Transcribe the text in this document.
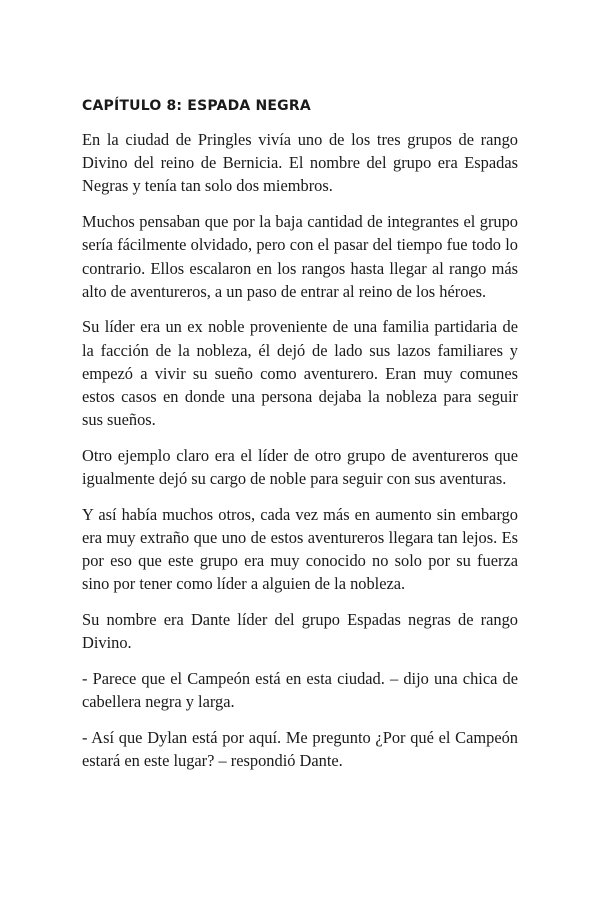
CAPÍTULO 8: ESPADA NEGRA

En la ciudad de Pringles vivía uno de los tres grupos de rango Divino del reino de Bernicia. El nombre del grupo era Espadas Negras y tenía tan solo dos miembros.

Muchos pensaban que por la baja cantidad de integrantes el grupo sería fácilmente olvidado, pero con el pasar del tiempo fue todo lo contrario. Ellos escalaron en los rangos hasta llegar al rango más alto de aventureros, a un paso de entrar al reino de los héroes.

Su líder era un ex noble proveniente de una familia partidaria de la facción de la nobleza, él dejó de lado sus lazos familiares y empezó a vivir su sueño como aventurero. Eran muy comunes estos casos en donde una persona dejaba la nobleza para seguir sus sueños.

Otro ejemplo claro era el líder de otro grupo de aventureros que igualmente dejó su cargo de noble para seguir con sus aventuras.

Y así había muchos otros, cada vez más en aumento sin embargo era muy extraño que uno de estos aventureros llegara tan lejos. Es por eso que este grupo era muy conocido no solo por su fuerza sino por tener como líder a alguien de la nobleza.

Su nombre era Dante líder del grupo Espadas negras de rango Divino.

- Parece que el Campeón está en esta ciudad. – dijo una chica de cabellera negra y larga.

- Así que Dylan está por aquí. Me pregunto ¿Por qué el Campeón estará en este lugar? – respondió Dante.
